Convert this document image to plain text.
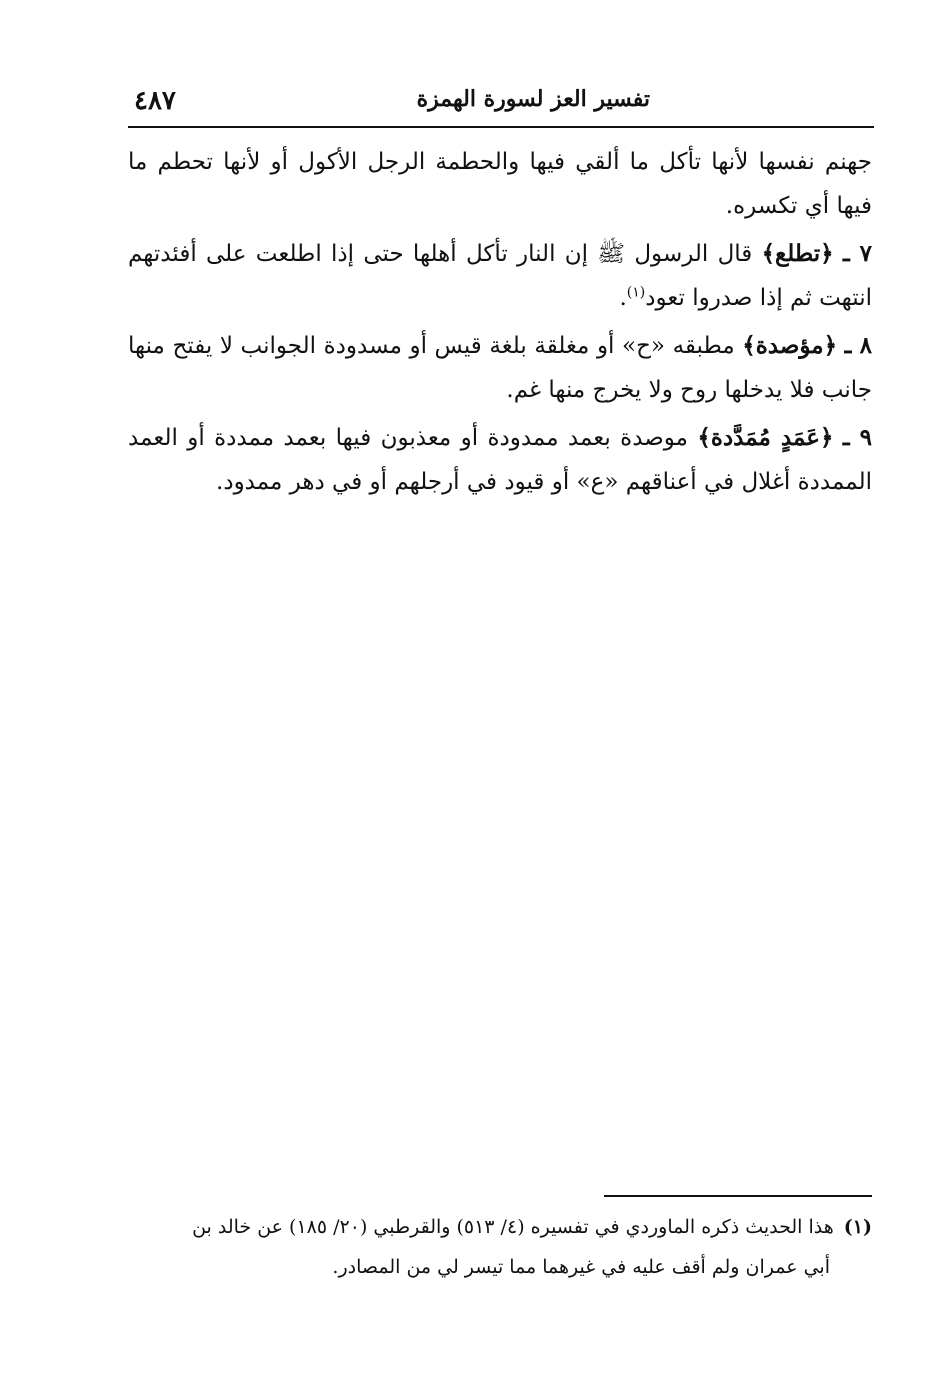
تفسير العز لسورة الهمزة
٤٨٧

جهنم نفسها لأنها تأكل ما ألقي فيها والحطمة الرجل الأكول أو لأنها تحطم ما فيها أي تكسره.

٧ ـ ﴿تطلع﴾ قال الرسول ﷺ إن النار تأكل أهلها حتى إذا اطلعت على أفئدتهم انتهت ثم إذا صدروا تعود$^{(١)}$.

٨ ـ ﴿مؤصدة﴾ مطبقه «ح» أو مغلقة بلغة قيس أو مسدودة الجوانب لا يفتح منها جانب فلا يدخلها روح ولا يخرج منها غم.

٩ ـ ﴿عَمَدٍ مُمَدَّدة﴾ موصدة بعمد ممدودة أو معذبون فيها بعمد ممددة أو العمد الممددة أغلال في أعناقهم «ع» أو قيود في أرجلهم أو في دهر ممدود.

(١)هذا الحديث ذكره الماوردي في تفسيره (٤/ ٥١٣) والقرطبي (٢٠/ ١٨٥) عن خالد بن
أبي عمران ولم أقف عليه في غيرهما مما تيسر لي من المصادر.
